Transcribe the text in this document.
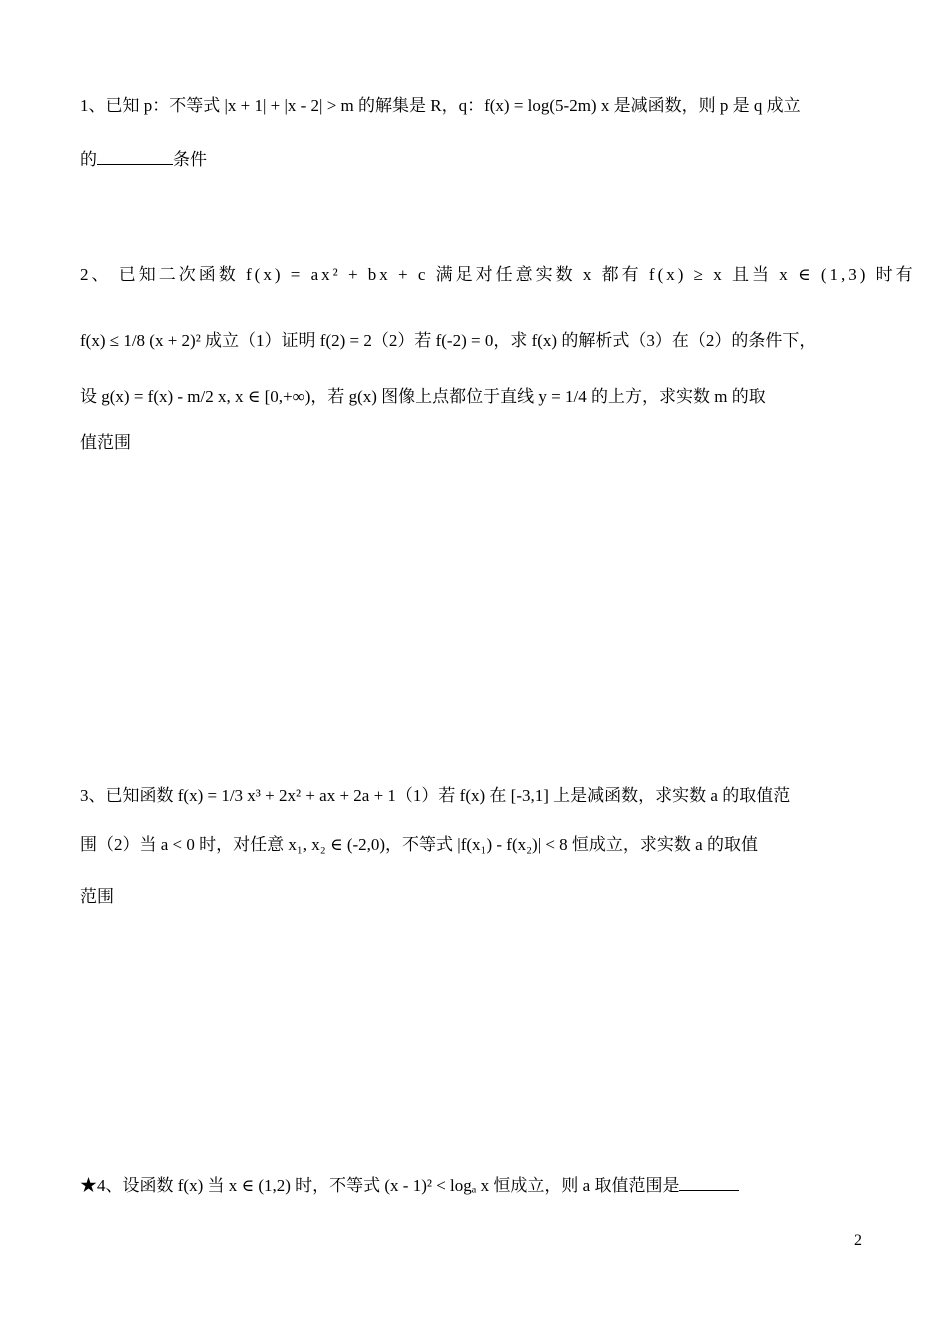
1、已知 p：不等式 |x + 1| + |x - 2| > m 的解集是 R，q：f(x) = log(5-2m) x 是减函数，则 p 是 q 成立
的	条件
2、 已知二次函数 f(x) = ax² + bx + c 满足对任意实数 x 都有 f(x) ≥ x 且当 x ∈ (1,3) 时有
f(x) ≤ 1/8 (x + 2)² 成立（1）证明 f(2) = 2（2）若 f(-2) = 0，求 f(x) 的解析式（3）在（2）的条件下，
设 g(x) = f(x) - m/2 x, x ∈ [0,+∞)，若 g(x) 图像上点都位于直线 y = 1/4 的上方，求实数 m 的取
值范围
3、已知函数 f(x) = 1/3 x³ + 2x² + ax + 2a + 1（1）若 f(x) 在 [-3,1] 上是减函数，求实数 a 的取值范
围（2）当 a < 0 时，对任意 x₁, x₂ ∈ (-2,0)，不等式 |f(x₁) - f(x₂)| < 8 恒成立，求实数 a 的取值
范围
★4、设函数 f(x) 当 x ∈ (1,2) 时，不等式 (x - 1)² < logₐ x 恒成立，则 a 取值范围是
2
